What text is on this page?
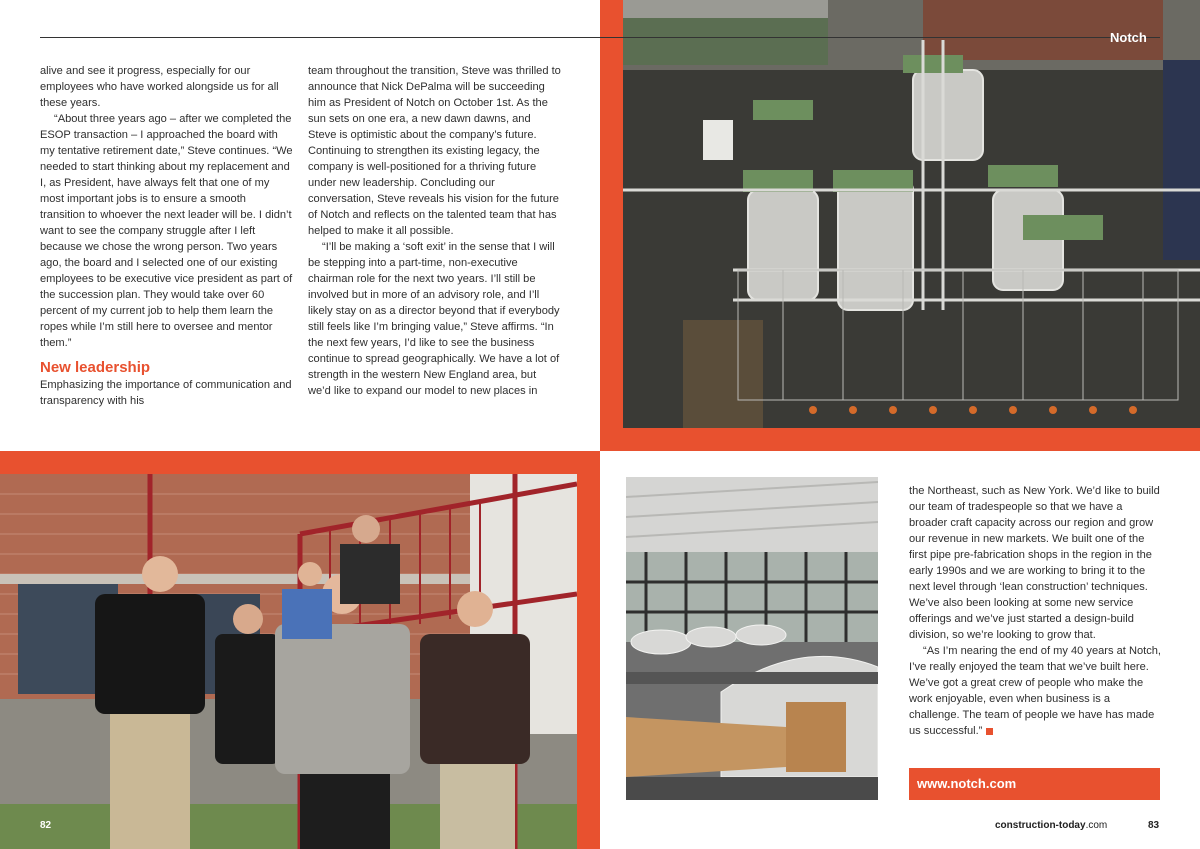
Notch

alive and see it progress, especially for our employees who have worked alongside us for all these years.

“About three years ago – after we completed the ESOP transaction – I approached the board with my tentative retirement date,” Steve continues. “We needed to start thinking about my replacement and I, as President, have always felt that one of my most important jobs is to ensure a smooth transition to whoever the next leader will be. I didn’t want to see the company struggle after I left because we chose the wrong person. Two years ago, the board and I selected one of our existing employees to be executive vice president as part of the succession plan. They would take over 60 percent of my current job to help them learn the ropes while I’m still here to oversee and mentor them.”

New leadership

Emphasizing the importance of communication and transparency with his

team throughout the transition, Steve was thrilled to announce that Nick DePalma will be succeeding him as President of Notch on October 1st. As the sun sets on one era, a new dawn dawns, and Steve is optimistic about the company’s future. Continuing to strengthen its existing legacy, the company is well-positioned for a thriving future under new leadership. Concluding our conversation, Steve reveals his vision for the future of Notch and reflects on the talented team that has helped to make it all possible.

“I’ll be making a ‘soft exit’ in the sense that I will be stepping into a part-time, non-executive chairman role for the next two years. I’ll still be involved but in more of an advisory role, and I’ll likely stay on as a director beyond that if everybody still feels like I’m bringing value,” Steve affirms. “In the next few years, I’d like to see the business continue to spread geographically. We have a lot of strength in the western New England area, but we’d like to expand our model to new places in

82

the Northeast, such as New York. We’d like to build our team of tradespeople so that we have a broader craft capacity across our region and grow our revenue in new markets. We built one of the first pipe pre-fabrication shops in the region in the early 1990s and we are working to bring it to the next level through ‘lean construction’ techniques. We’ve also been looking at some new service offerings and we’ve just started a design-build division, so we’re looking to grow that.

“As I’m nearing the end of my 40 years at Notch, I’ve really enjoyed the team that we’ve built here. We’ve got a great crew of people who make the work enjoyable, even when business is a challenge. The team of people we have has made us successful.”

www.notch.com
construction-today.com	83
